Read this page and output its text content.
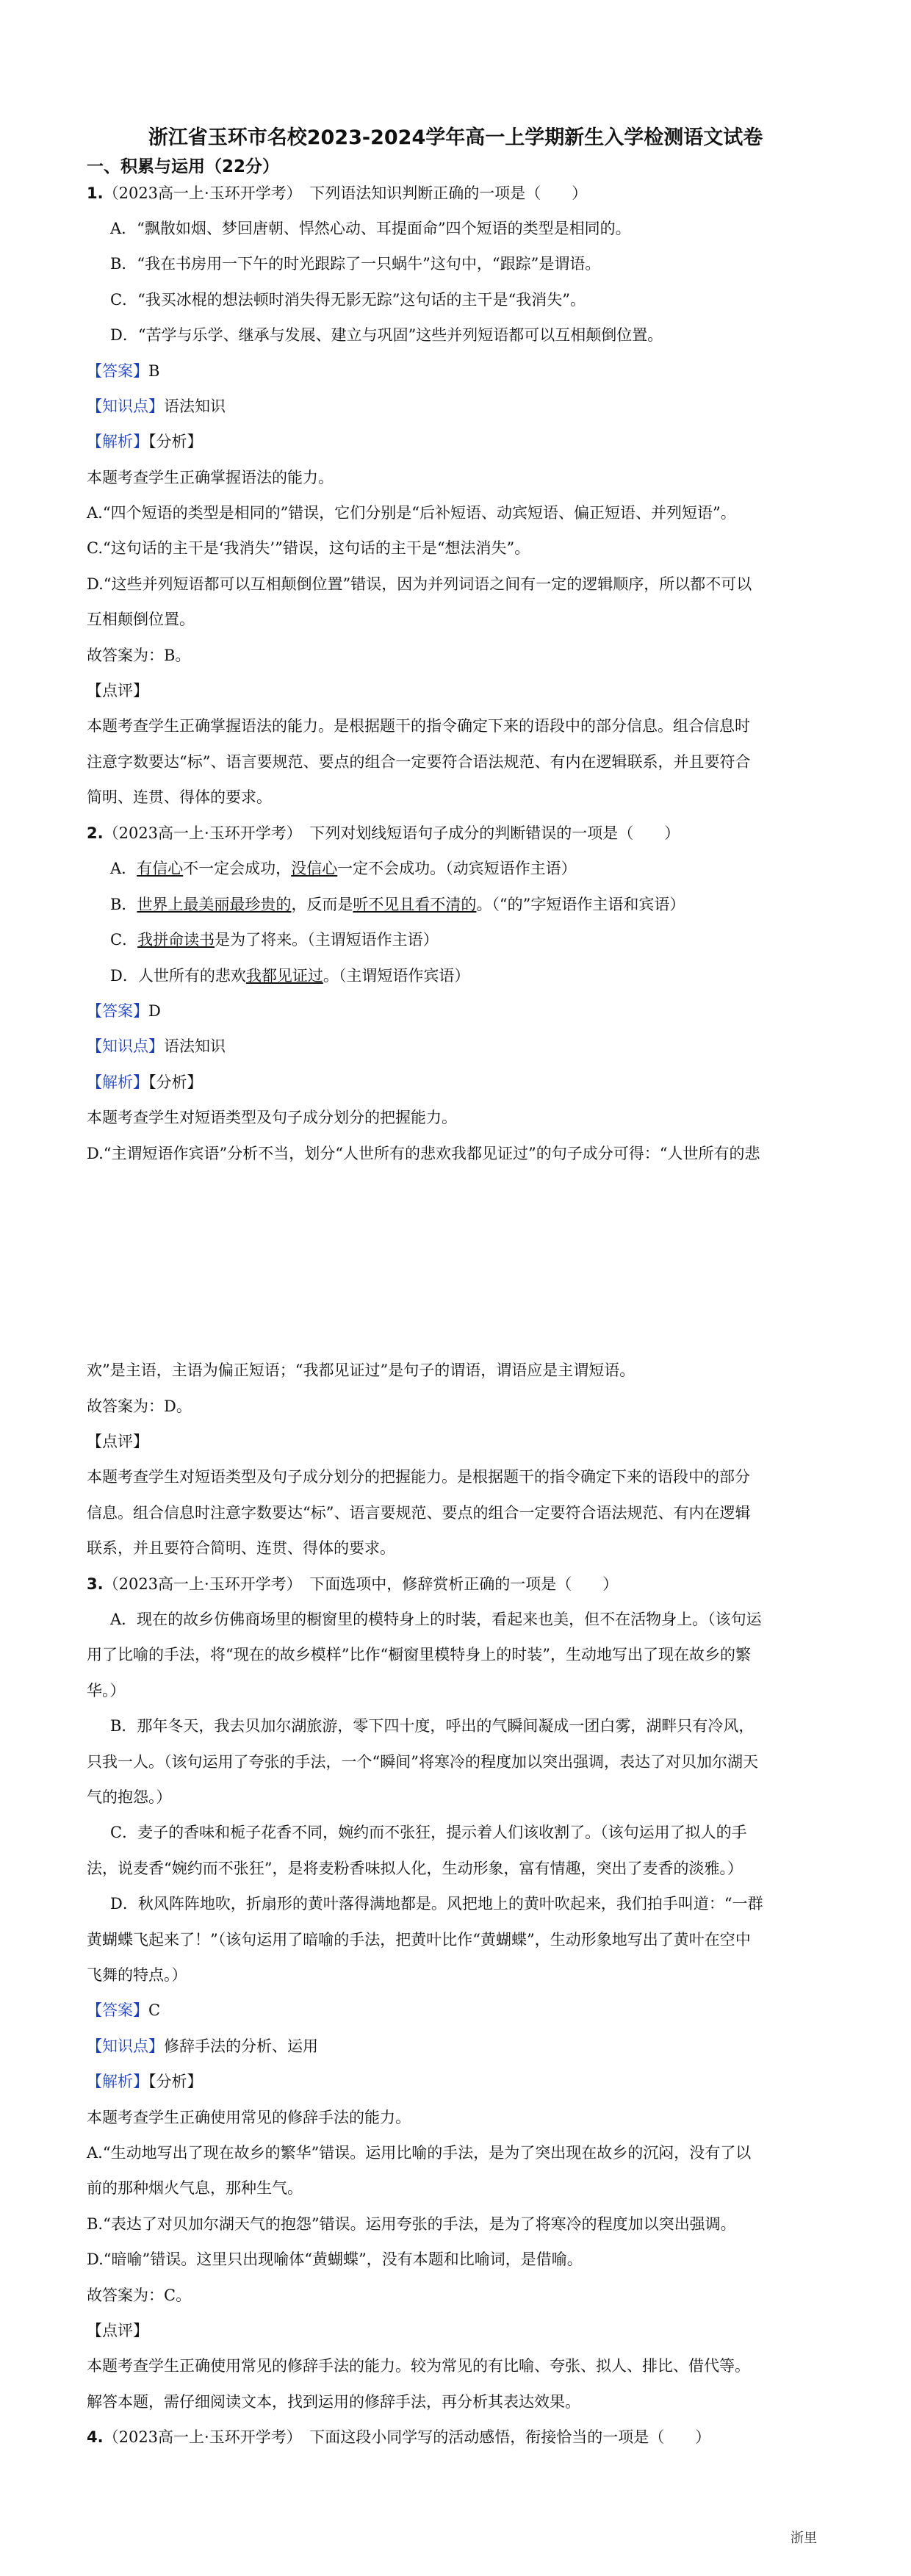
浙江省玉环市名校2023-2024学年高一上学期新生入学检测语文试卷
一、积累与运用（22分）
1.（2023高一上·玉环开学考）　 下列语法知识判断正确的一项是（　　）
A．“飘散如烟、梦回唐朝、悍然心动、耳提面命”四个短语的类型是相同的。
B．“我在书房用一下午的时光跟踪了一只蜗牛”这句中，“跟踪”是谓语。
C．“我买冰棍的想法顿时消失得无影无踪”这句话的主干是“我消失”。
D．“苦学与乐学、继承与发展、建立与巩固”这些并列短语都可以互相颠倒位置。
【答案】B
【知识点】语法知识
【解析】【分析】
本题考查学生正确掌握语法的能力。
A.“四个短语的类型是相同的”错误，它们分别是“后补短语、动宾短语、偏正短语、并列短语”。
C.“这句话的主干是‘我消失’”错误，这句话的主干是“想法消失”。
D.“这些并列短语都可以互相颠倒位置”错误，因为并列词语之间有一定的逻辑顺序，所以都不可以
互相颠倒位置。
故答案为：B。
【点评】
本题考查学生正确掌握语法的能力。是根据题干的指令确定下来的语段中的部分信息。组合信息时
注意字数要达“标”、语言要规范、要点的组合一定要符合语法规范、有内在逻辑联系，并且要符合
简明、连贯、得体的要求。
2.（2023高一上·玉环开学考）　 下列对划线短语句子成分的判断错误的一项是（　　）
A．有信心不一定会成功，没信心一定不会成功。（动宾短语作主语）
B．世界上最美丽最珍贵的，反而是听不见且看不清的。（“的”字短语作主语和宾语）
C．我拼命读书是为了将来。（主谓短语作主语）
D．人世所有的悲欢我都见证过。（主谓短语作宾语）
【答案】D
【知识点】语法知识
【解析】【分析】
本题考查学生对短语类型及句子成分划分的把握能力。
D.“主谓短语作宾语”分析不当，划分“人世所有的悲欢我都见证过”的句子成分可得：“人世所有的悲
欢”是主语，主语为偏正短语；“我都见证过”是句子的谓语，谓语应是主谓短语。
故答案为：D。
【点评】
本题考查学生对短语类型及句子成分划分的把握能力。是根据题干的指令确定下来的语段中的部分
信息。组合信息时注意字数要达“标”、语言要规范、要点的组合一定要符合语法规范、有内在逻辑
联系，并且要符合简明、连贯、得体的要求。
3.（2023高一上·玉环开学考）　 下面选项中，修辞赏析正确的一项是（　　）
A．现在的故乡仿佛商场里的橱窗里的模特身上的时装，看起来也美，但不在活物身上。（该句运
用了比喻的手法，将“现在的故乡模样”比作“橱窗里模特身上的时装”，生动地写出了现在故乡的繁
华。）
B．那年冬天，我去贝加尔湖旅游，零下四十度，呼出的气瞬间凝成一团白雾，湖畔只有冷风，
只我一人。（该句运用了夸张的手法，一个“瞬间”将寒冷的程度加以突出强调，表达了对贝加尔湖天
气的抱怨。）
C．麦子的香味和栀子花香不同，婉约而不张狂，提示着人们该收割了。（该句运用了拟人的手
法，说麦香“婉约而不张狂”，是将麦粉香味拟人化，生动形象，富有情趣，突出了麦香的淡雅。）
D．秋风阵阵地吹，折扇形的黄叶落得满地都是。风把地上的黄叶吹起来，我们拍手叫道：“一群
黄蝴蝶飞起来了！”（该句运用了暗喻的手法，把黄叶比作“黄蝴蝶”，生动形象地写出了黄叶在空中
飞舞的特点。）
【答案】C
【知识点】修辞手法的分析、运用
【解析】【分析】
本题考查学生正确使用常见的修辞手法的能力。
A.“生动地写出了现在故乡的繁华”错误。运用比喻的手法，是为了突出现在故乡的沉闷，没有了以
前的那种烟火气息，那种生气。
B.“表达了对贝加尔湖天气的抱怨”错误。运用夸张的手法，是为了将寒冷的程度加以突出强调。
D.“暗喻”错误。这里只出现喻体“黄蝴蝶”，没有本题和比喻词，是借喻。
故答案为：C。
【点评】
本题考查学生正确使用常见的修辞手法的能力。较为常见的有比喻、夸张、拟人、排比、借代等。
解答本题，需仔细阅读文本，找到运用的修辞手法，再分析其表达效果。
4.（2023高一上·玉环开学考）　 下面这段小同学写的活动感悟，衔接恰当的一项是（　　）
浙里
